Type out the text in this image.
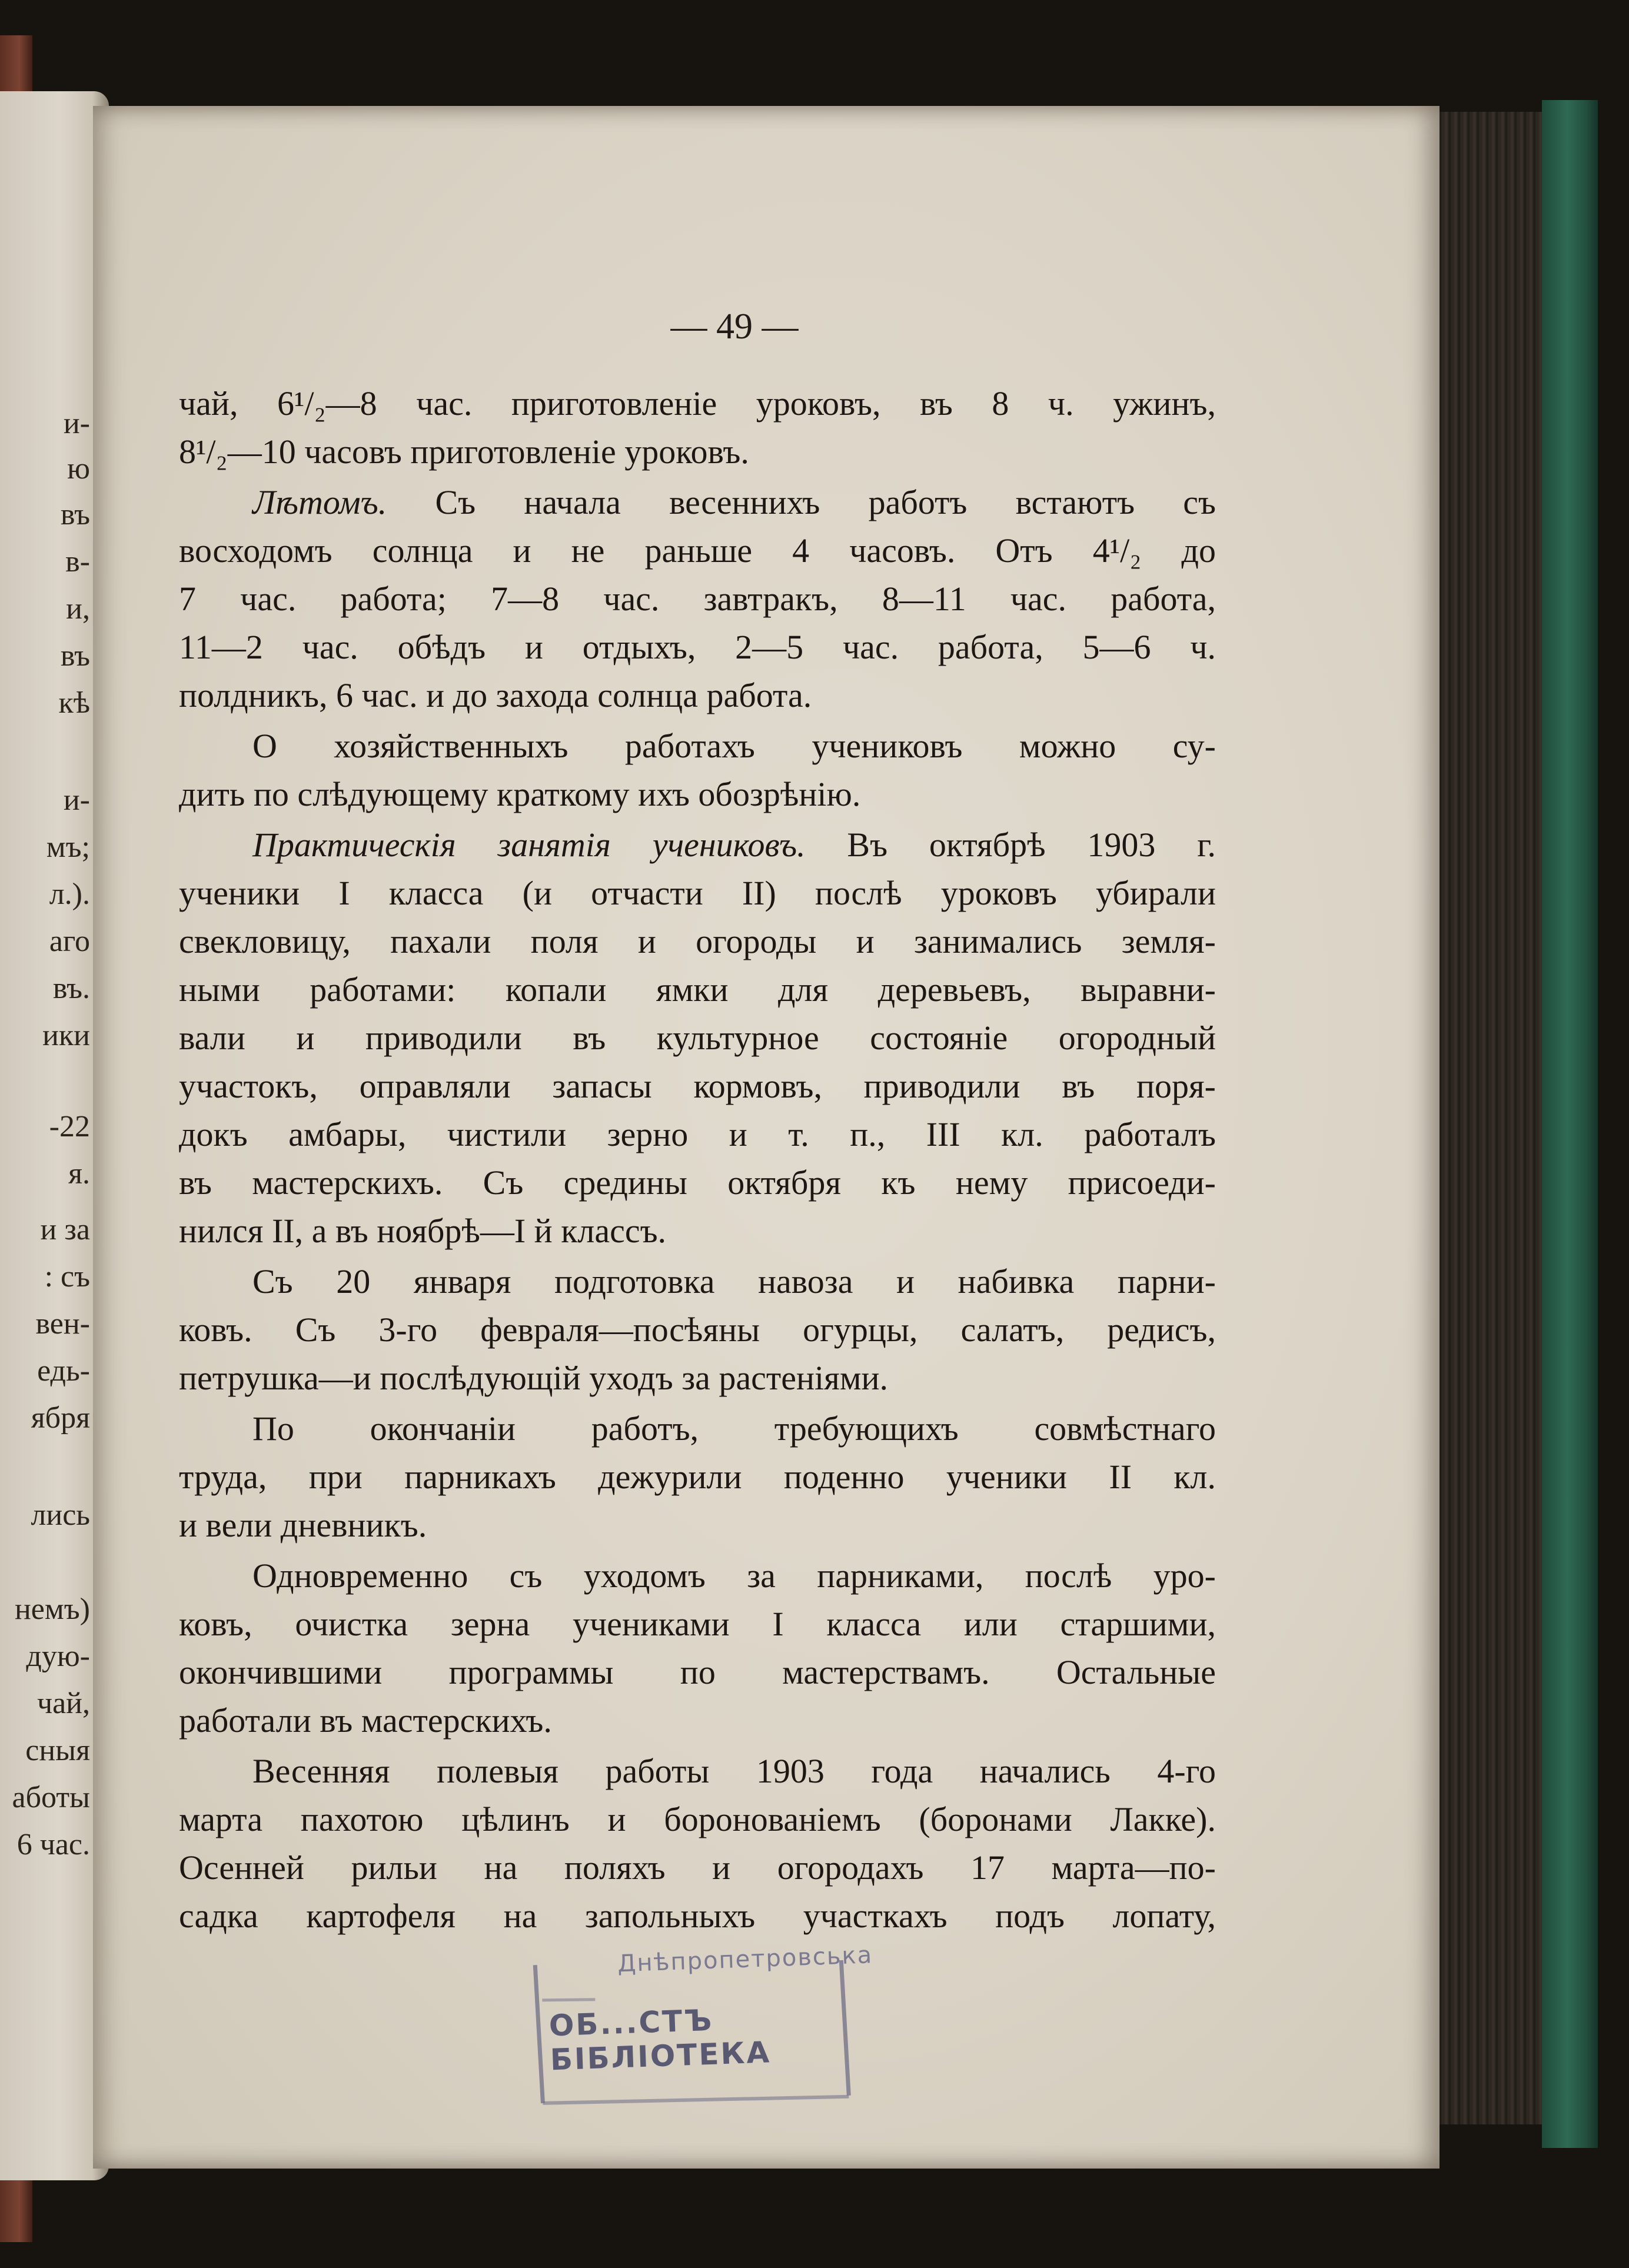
и-

ю

въ

в-

и,

въ

кѣ

и-

мъ;

л.).

аго

въ.

ики

-22

я.

и за

: съ

вен-

едь-

ября

лись

немъ)

дую-

чай,

сныя

аботы

6 час.

— 49 —

чай, 6¹/₂—8 час. приготовленіе уроковъ, въ 8 ч. ужинъ,

8¹/₂—10 часовъ приготовленіе уроковъ.

Лѣтомъ. Съ начала весеннихъ работъ встаютъ съ

восходомъ солнца и не раньше 4 часовъ. Отъ 4¹/₂ до

7 час. работа; 7—8 час. завтракъ, 8—11 час. работа,

11—2 час. обѣдъ и отдыхъ, 2—5 час. работа, 5—6 ч.

полдникъ, 6 час. и до захода солнца работа.

О хозяйственныхъ работахъ учениковъ можно су-

дить по слѣдующему краткому ихъ обозрѣнію.

Практическія занятія учениковъ. Въ октябрѣ 1903 г.

ученики I класса (и отчасти II) послѣ уроковъ убирали

свекловицу, пахали поля и огороды и занимались земля-

ными работами: копали ямки для деревьевъ, выравни-

вали и приводили въ культурное состояніе огородный

участокъ, оправляли запасы кормовъ, приводили въ поря-

докъ амбары, чистили зерно и т. п., III кл. работалъ

въ мастерскихъ. Съ средины октября къ нему присоеди-

нился II, а въ ноябрѣ—I й классъ.

Съ 20 января подготовка навоза и набивка парни-

ковъ. Съ 3-го февраля—посѣяны огурцы, салатъ, редисъ,

петрушка—и послѣдующій уходъ за растеніями.

По окончаніи работъ, требующихъ совмѣстнаго

труда, при парникахъ дежурили поденно ученики II кл.

и вели дневникъ.

Одновременно съ уходомъ за парниками, послѣ уро-

ковъ, очистка зерна учениками I класса или старшими,

окончившими программы по мастерствамъ. Остальные

работали въ мастерскихъ.

Весенняя полевыя работы 1903 года начались 4-го

марта пахотою цѣлинъ и боронованіемъ (боронами Лакке).

Осенней рильи на поляхъ и огородахъ 17 марта—по-

садка картофеля на запольныхъ участкахъ подъ лопату,

Днѣпропетровська

ОБ...СТЪ БІБЛІОТЕКА
